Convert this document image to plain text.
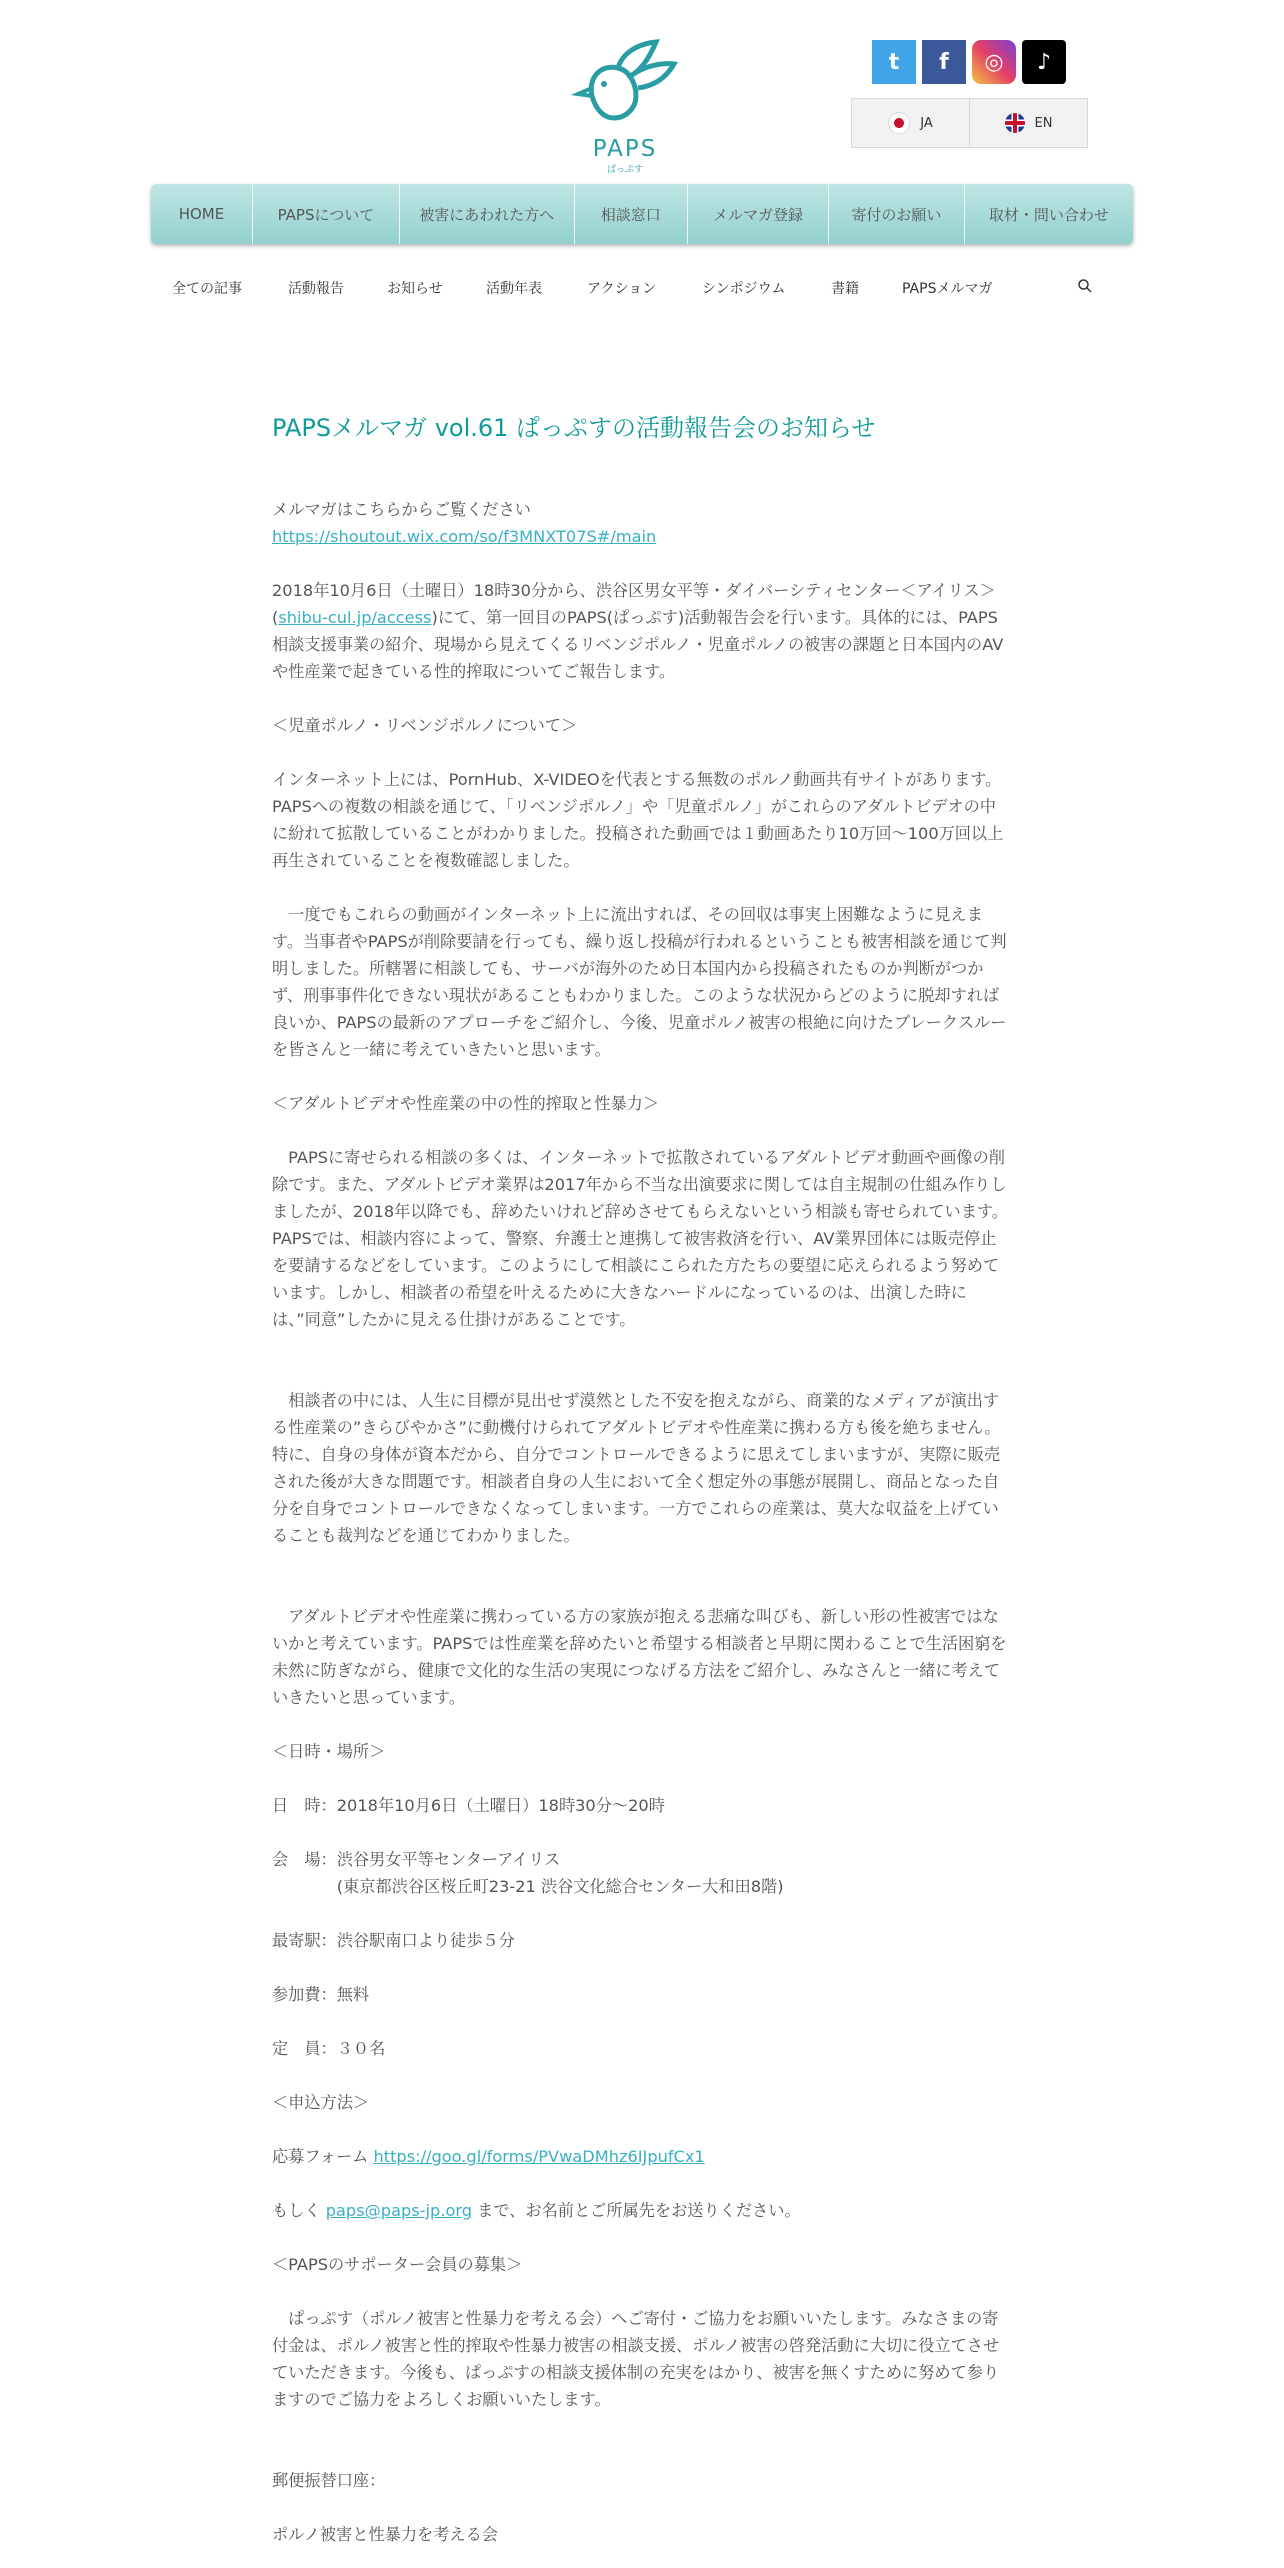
PAPS
ぱっぷす
t	f	◎	♪
JA	EN
HOME	PAPSについて	被害にあわれた方へ	相談窓口	メルマガ登録	寄付のお願い	取材・問い合わせ
全ての記事	活動報告	お知らせ	活動年表	アクション	シンポジウム	書籍	PAPSメルマガ
PAPSメルマガ vol.61 ぱっぷすの活動報告会のお知らせ

メルマガはこちらからご覧ください

https://shoutout.wix.com/so/f3MNXT07S#/main

2018年10月6日（土曜日）18時30分から、渋谷区男女平等・ダイバーシティセンター＜アイリス＞(shibu-cul.jp/access)にて、第一回目のPAPS(ぱっぷす)活動報告会を行います。具体的には、PAPS相談支援事業の紹介、現場から見えてくるリベンジポルノ・児童ポルノの被害の課題と日本国内のAVや性産業で起きている性的搾取についてご報告します。

＜児童ポルノ・リベンジポルノについて＞

インターネット上には、PornHub、X-VIDEOを代表とする無数のポルノ動画共有サイトがあります。PAPSへの複数の相談を通じて、「リベンジポルノ」や「児童ポルノ」がこれらのアダルトビデオの中に紛れて拡散していることがわかりました。投稿された動画では１動画あたり10万回～100万回以上再生されていることを複数確認しました。

　一度でもこれらの動画がインターネット上に流出すれば、その回収は事実上困難なように見えます。当事者やPAPSが削除要請を行っても、繰り返し投稿が行われるということも被害相談を通じて判明しました。所轄署に相談しても、サーバが海外のため日本国内から投稿されたものか判断がつかず、刑事事件化できない現状があることもわかりました。このような状況からどのように脱却すれば良いか、PAPSの最新のアプローチをご紹介し、今後、児童ポルノ被害の根絶に向けたブレークスルーを皆さんと一緒に考えていきたいと思います。

＜アダルトビデオや性産業の中の性的搾取と性暴力＞

　PAPSに寄せられる相談の多くは、インターネットで拡散されているアダルトビデオ動画や画像の削除です。また、アダルトビデオ業界は2017年から不当な出演要求に関しては自主規制の仕組み作りしましたが、2018年以降でも、辞めたいけれど辞めさせてもらえないという相談も寄せられています。PAPSでは、相談内容によって、警察、弁護士と連携して被害救済を行い、AV業界団体には販売停止を要請するなどをしています。このようにして相談にこられた方たちの要望に応えられるよう努めています。しかし、相談者の希望を叶えるために大きなハードルになっているのは、出演した時には、”同意”したかに見える仕掛けがあることです。

　相談者の中には、人生に目標が見出せず漠然とした不安を抱えながら、商業的なメディアが演出する性産業の”きらびやかさ”に動機付けられてアダルトビデオや性産業に携わる方も後を絶ちません。特に、自身の身体が資本だから、自分でコントロールできるように思えてしまいますが、実際に販売された後が大きな問題です。相談者自身の人生において全く想定外の事態が展開し、商品となった自分を自身でコントロールできなくなってしまいます。一方でこれらの産業は、莫大な収益を上げていることも裁判などを通じてわかりました。

　アダルトビデオや性産業に携わっている方の家族が抱える悲痛な叫びも、新しい形の性被害ではないかと考えています。PAPSでは性産業を辞めたいと希望する相談者と早期に関わることで生活困窮を未然に防ぎながら、健康で文化的な生活の実現につなげる方法をご紹介し、みなさんと一緒に考えていきたいと思っています。

＜日時・場所＞

日　時：2018年10月6日（土曜日）18時30分～20時

会　場：渋谷男女平等センターアイリス

　　　　(東京都渋谷区桜丘町23-21 渋谷文化総合センター大和田8階)

最寄駅：渋谷駅南口より徒歩５分

参加費：無料

定　員：３０名

＜申込方法＞

応募フォーム https://goo.gl/forms/PVwaDMhz6IJpufCx1

もしく paps@paps-jp.org まで、お名前とご所属先をお送りください。

＜PAPSのサポーター会員の募集＞

　ぱっぷす（ポルノ被害と性暴力を考える会）へご寄付・ご協力をお願いいたします。みなさまの寄付金は、ポルノ被害と性的搾取や性暴力被害の相談支援、ポルノ被害の啓発活動に大切に役立てさせていただきます。今後も、ぱっぷすの相談支援体制の充実をはかり、被害を無くすために努めて参りますのでご協力をよろしくお願いいたします。

郵便振替口座：

ポルノ被害と性暴力を考える会
